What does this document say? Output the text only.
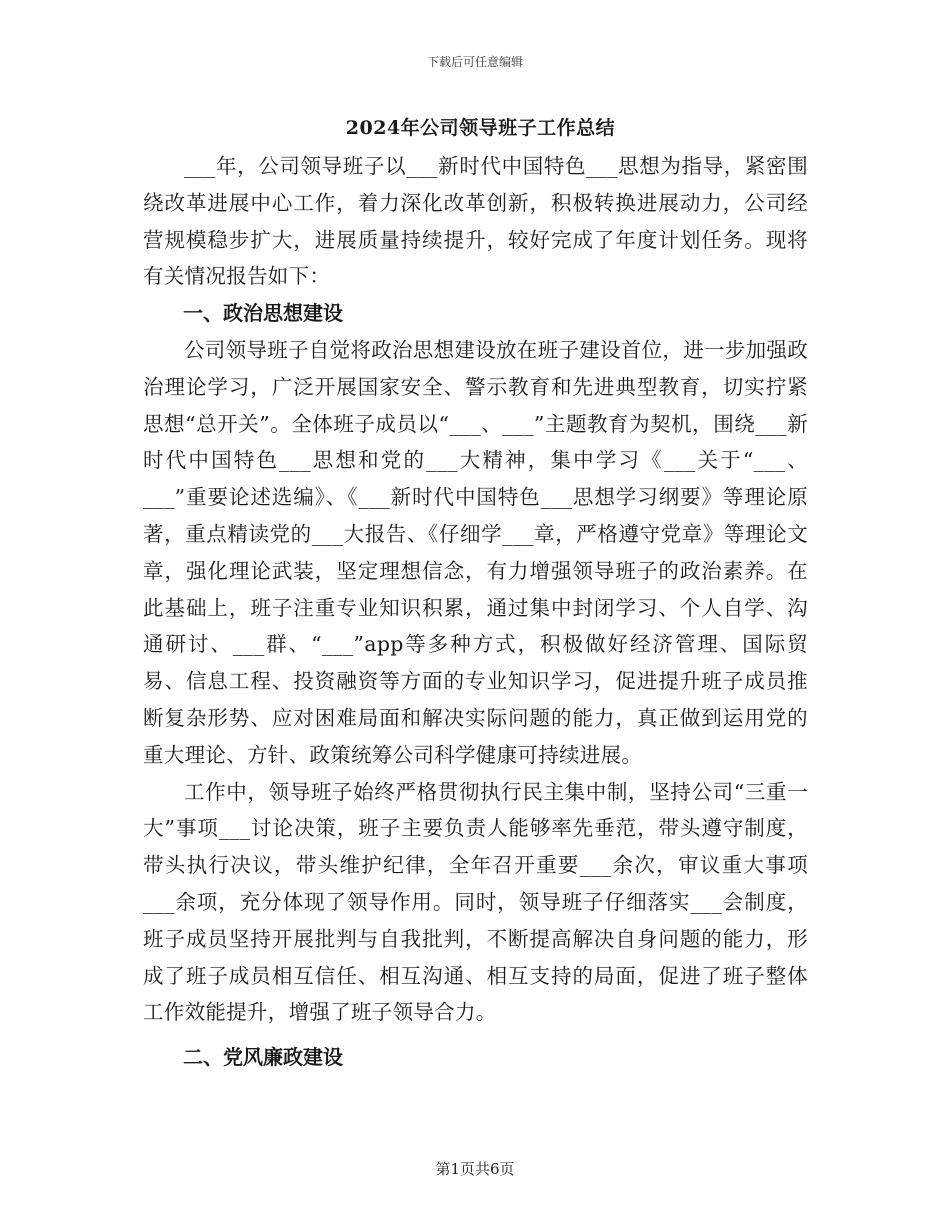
下载后可任意编辑
2024年公司领导班子工作总结

___年，公司领导班子以___新时代中国特色___思想为指导，紧密围绕改革进展中心工作，着力深化改革创新，积极转换进展动力，公司经营规模稳步扩大，进展质量持续提升，较好完成了年度计划任务。现将有关情况报告如下：

一、政治思想建设

公司领导班子自觉将政治思想建设放在班子建设首位，进一步加强政治理论学习，广泛开展国家安全、警示教育和先进典型教育，切实拧紧思想“总开关”。全体班子成员以“___、___”主题教育为契机，围绕___新时代中国特色___思想和党的___大精神，集中学习《___关于“___、___”重要论述选编》、《___新时代中国特色___思想学习纲要》等理论原著，重点精读党的___大报告、《仔细学___章，严格遵守党章》等理论文章，强化理论武装，坚定理想信念，有力增强领导班子的政治素养。在此基础上，班子注重专业知识积累，通过集中封闭学习、个人自学、沟通研讨、___群、“___”app等多种方式，积极做好经济管理、国际贸易、信息工程、投资融资等方面的专业知识学习，促进提升班子成员推断复杂形势、应对困难局面和解决实际问题的能力，真正做到运用党的重大理论、方针、政策统筹公司科学健康可持续进展。

工作中，领导班子始终严格贯彻执行民主集中制，坚持公司“三重一大”事项___讨论决策，班子主要负责人能够率先垂范，带头遵守制度，带头执行决议，带头维护纪律，全年召开重要___余次，审议重大事项___余项，充分体现了领导作用。同时，领导班子仔细落实___会制度，班子成员坚持开展批判与自我批判，不断提高解决自身问题的能力，形成了班子成员相互信任、相互沟通、相互支持的局面，促进了班子整体工作效能提升，增强了班子领导合力。

二、党风廉政建设

第1页共6页
